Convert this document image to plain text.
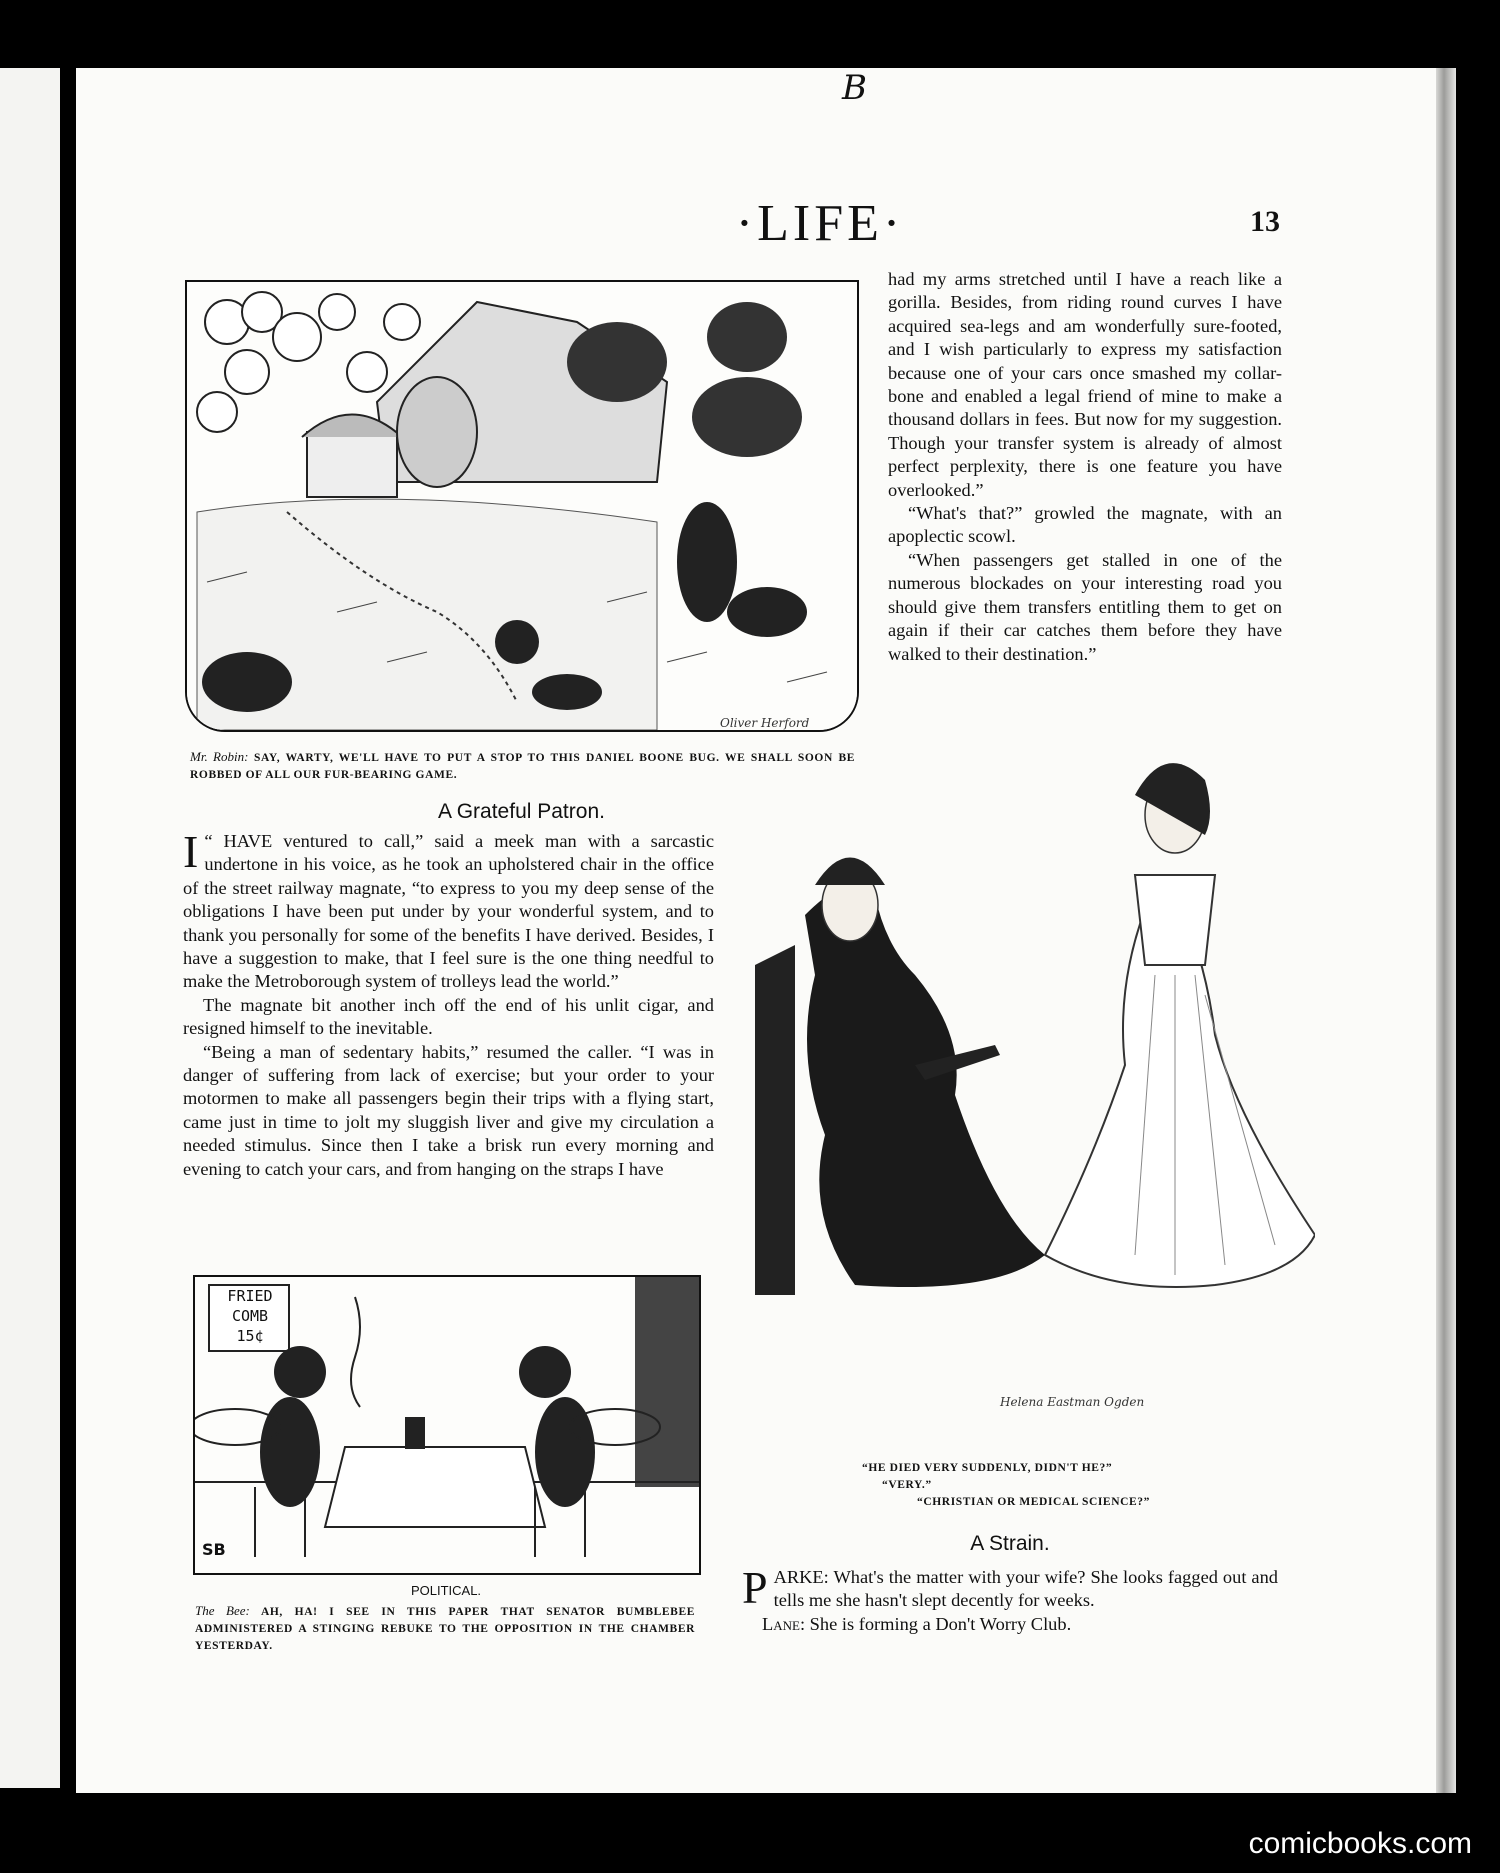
B
·LIFE·	13
Oliver Herford
Mr. Robin: SAY, WARTY, WE'LL HAVE TO PUT A STOP TO THIS DANIEL BOONE BUG. WE SHALL SOON BE ROBBED OF ALL OUR FUR-BEARING GAME.
A Grateful Patron.

I “ HAVE ventured to call,” said a meek man with a sarcastic undertone in his voice, as he took an upholstered chair in the office of the street railway magnate, “to express to you my deep sense of the obligations I have been put under by your wonderful system, and to thank you personally for some of the benefits I have derived. Besides, I have a suggestion to make, that I feel sure is the one thing needful to make the Metroborough system of trolleys lead the world.”

The magnate bit another inch off the end of his unlit cigar, and resigned himself to the inevitable.

“Being a man of sedentary habits,” resumed the caller. “I was in danger of suffering from lack of exercise; but your order to your motormen to make all passengers begin their trips with a flying start, came just in time to jolt my sluggish liver and give my circulation a needed stimulus. Since then I take a brisk run every morning and evening to catch your cars, and from hanging on the straps I have

had my arms stretched until I have a reach like a gorilla. Besides, from riding round curves I have acquired sea-legs and am wonderfully sure-footed, and I wish particularly to express my satisfaction because one of your cars once smashed my collar-bone and enabled a legal friend of mine to make a thousand dollars in fees. But now for my suggestion. Though your transfer system is already of almost perfect perplexity, there is one feature you have overlooked.”

“What's that?” growled the magnate, with an apoplectic scowl.

“When passengers get stalled in one of the numerous blockades on your interesting road you should give them transfers entitling them to get on again if their car catches them before they have walked to their destination.”

FRIED
COMB
15¢
SB
POLITICAL.
The Bee: AH, HA! I SEE IN THIS PAPER THAT SENATOR BUMBLEBEE ADMINISTERED A STINGING REBUKE TO THE OPPOSITION IN THE CHAMBER YESTERDAY.
Helena Eastman Ogden
“HE DIED VERY SUDDENLY, DIDN'T HE?”
“VERY.”
“CHRISTIAN OR MEDICAL SCIENCE?”
A Strain.

PARKE: What's the matter with your wife? She looks fagged out and tells me she hasn't slept decently for weeks.

Lane: She is forming a Don't Worry Club.

comicbooks.com
